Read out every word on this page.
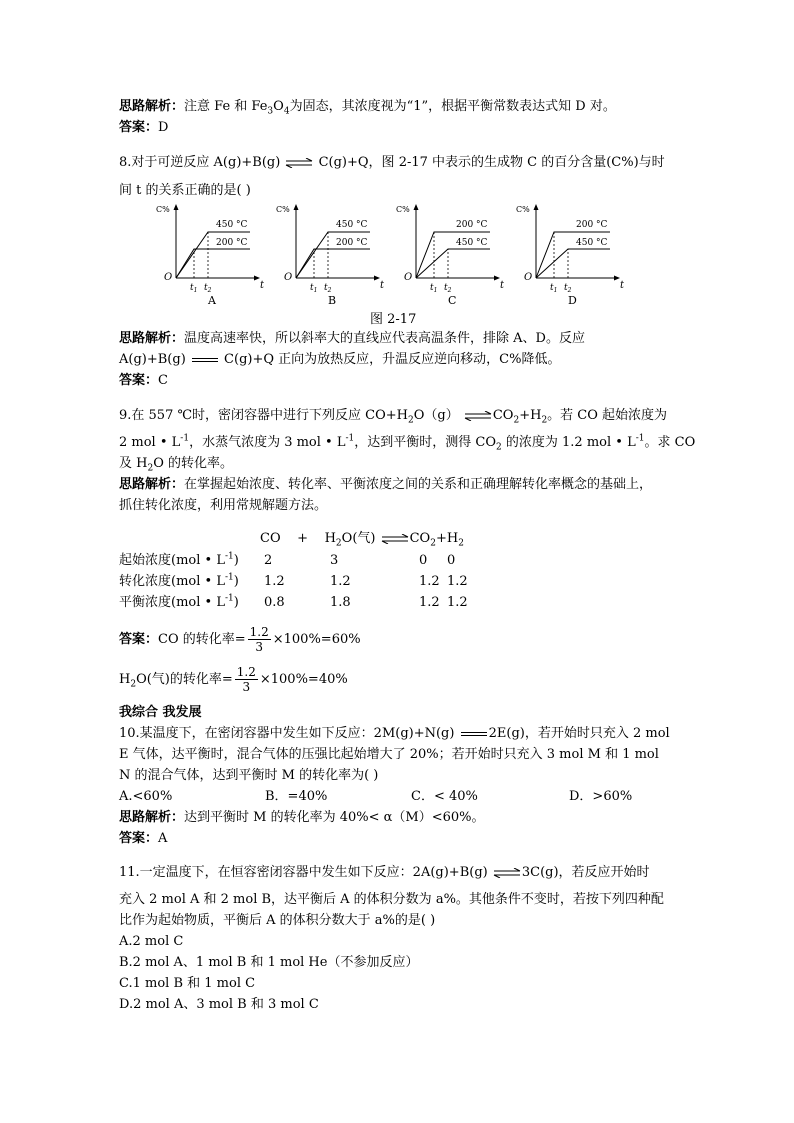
思路解析：注意 Fe 和 $Fe_3O_4$为固态，其浓度视为“1”，根据平衡常数表达式知 D 对。
答案：D
8.对于可逆反应 A(g)+B(g) ⇌ C(g)+Q，图 2-17 中表示的生成物 C 的百分含量(C%)与时
间 t 的关系正确的是( )
C%
t
O
450 °C
200 °C
$t_1$ $t_2$
A
C%
t
O
450 °C
200 °C
$t_1$ $t_2$
B
C%
t
O
200 °C
450 °C
$t_1$ $t_2$
C
C%
t
O
200 °C
450 °C
$t_1$ $t_2$
D
图 2-17
思路解析：温度高速率快，所以斜率大的直线应代表高温条件，排除 A、D。反应
A(g)+B(g)	C(g)+Q 正向为放热反应，升温反应逆向移动，C%降低。
答案：C
9.在 557 ℃时，密闭容器中进行下列反应 $CO+H_2O(g)$ $\rightleftharpoons CO_2+H_2$。若 CO 起始浓度为
2 mol • $L^{-1}$，水蒸气浓度为 3 mol • $L^{-1}$，达到平衡时，测得 $CO_2$ 的浓度为 1.2 mol • $L^{-1}$。求 CO
及 $H_2O$ 的转化率。
思路解析：在掌握起始浓度、转化率、平衡浓度之间的关系和正确理解转化率概念的基础上，
抓住转化浓度，利用常规解题方法。
CO + $H_2O$(气) $\rightleftharpoons CO_2+H_2$
起始浓度(mol • $L^{-1}$) 2	3	0 0
转化浓度(mol • $L^{-1}$) 1.2	1.2	1.2 1.2
平衡浓度(mol • $L^{-1}$) 0.8	1.8	1.2 1.2
答案：CO 的转化率= $\frac{1.2}{3} \times 100\%=60\%$
$H_2O$(气)的转化率= $\frac{1.2}{3} \times 100\%=40\%$
我综合 我发展
10.某温度下，在密闭容器中发生如下反应：2M(g)+N(g)	2E(g)，若开始时只充入 2 mol
E 气体，达平衡时，混合气体的压强比起始增大了 20%；若开始时只充入 3 mol M 和 1 mol
N 的混合气体，达到平衡时 M 的转化率为( )
A.<60%	B．=40%	C．< 40%	D．>60%
思路解析：达到平衡时 M 的转化率为 40%< α（M）<60%。
答案：A
11.一定温度下，在恒容密闭容器中发生如下反应：2A(g)+B(g) ⇌3C(g)，若反应开始时
充入 2 mol A 和 2 mol B，达平衡后 A 的体积分数为 a%。其他条件不变时，若按下列四种配
比作为起始物质，平衡后 A 的体积分数大于 a%的是( )
A.2 mol C
B.2 mol A、1 mol B 和 1 mol He（不参加反应）
C.1 mol B 和 1 mol C
D.2 mol A、3 mol B 和 3 mol C
